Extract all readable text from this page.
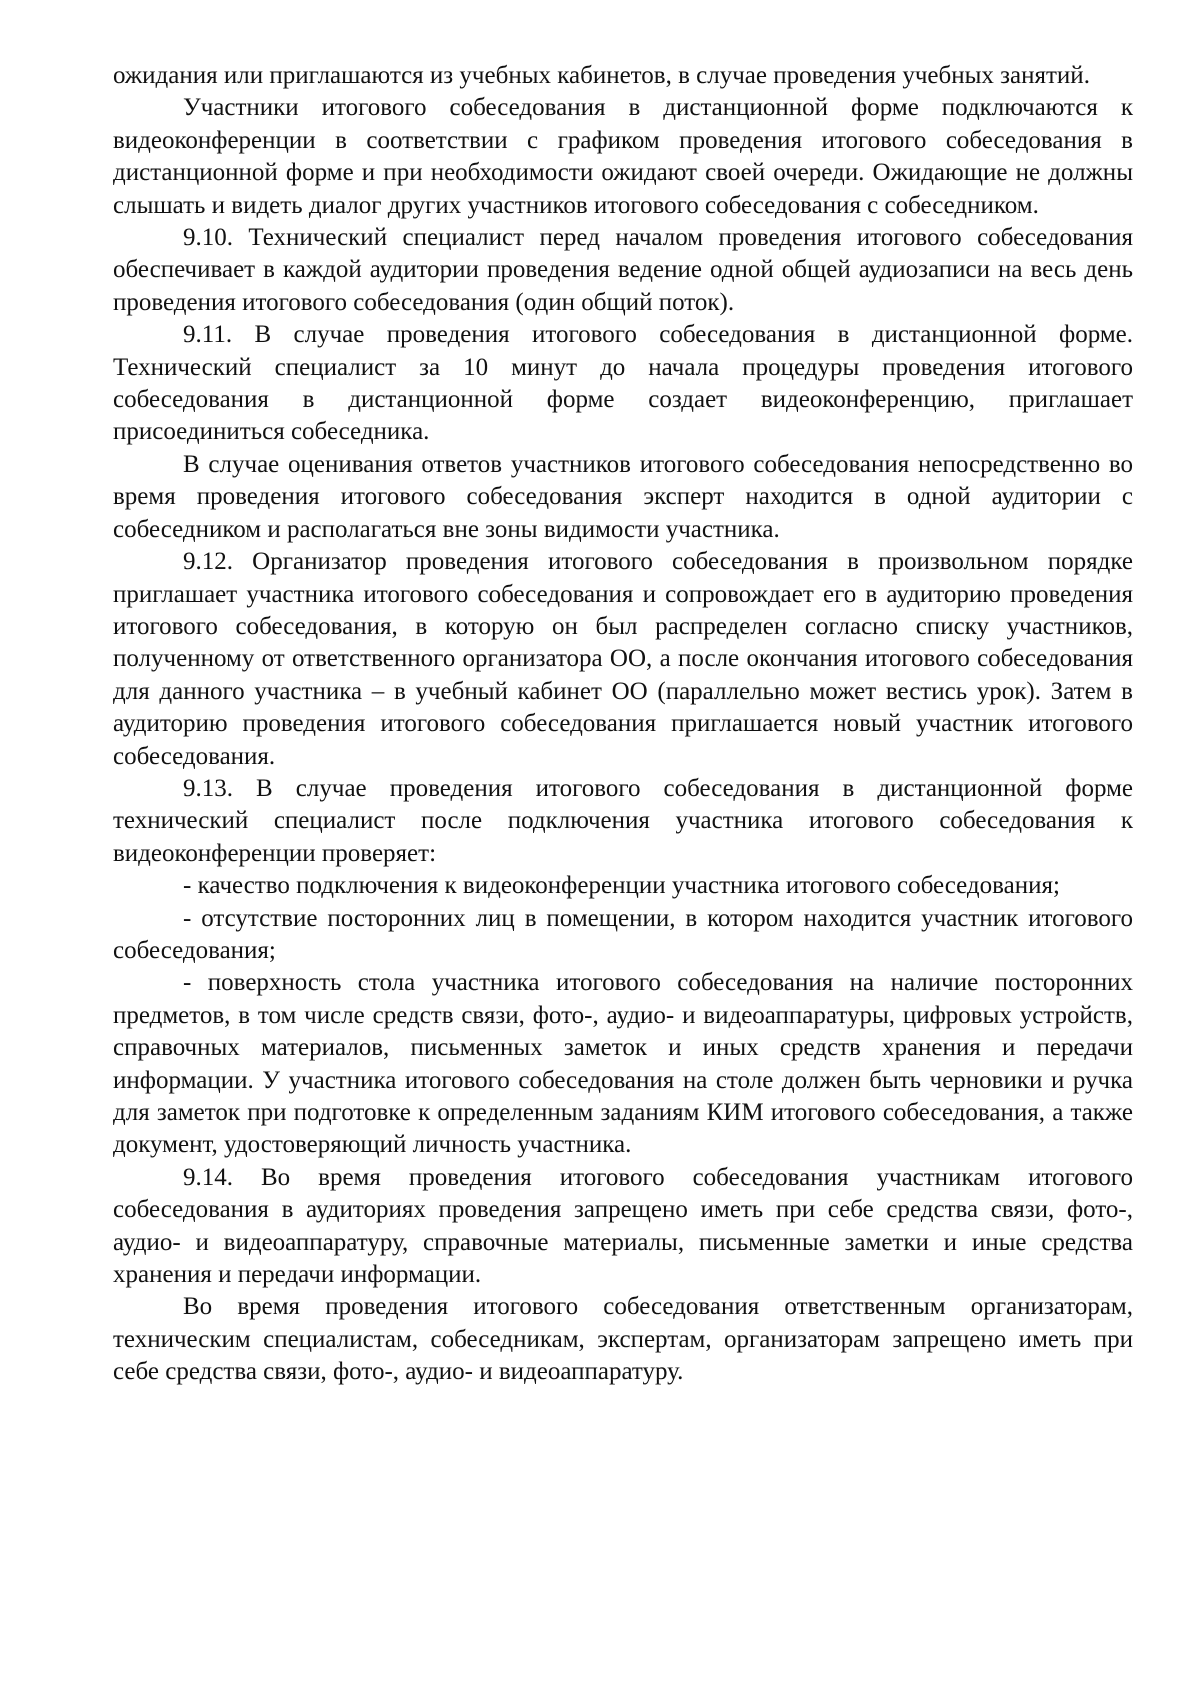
ожидания или приглашаются из учебных кабинетов, в случае проведения учебных занятий.

Участники итогового собеседования в дистанционной форме подключаются к видеоконференции в соответствии с графиком проведения итогового собеседования в дистанционной форме и при необходимости ожидают своей очереди. Ожидающие не должны слышать и видеть диалог других участников итогового собеседования с собеседником.

9.10. Технический специалист перед началом проведения итогового собеседования обеспечивает в каждой аудитории проведения ведение одной общей аудиозаписи на весь день проведения итогового собеседования (один общий поток).

9.11. В случае проведения итогового собеседования в дистанционной форме. Технический специалист за 10 минут до начала процедуры проведения итогового собеседования в дистанционной форме создает видеоконференцию, приглашает присоединиться собеседника.

В случае оценивания ответов участников итогового собеседования непосредственно во время проведения итогового собеседования эксперт находится в одной аудитории с собеседником и располагаться вне зоны видимости участника.

9.12. Организатор проведения итогового собеседования в произвольном порядке приглашает участника итогового собеседования и сопровождает его в аудиторию проведения итогового собеседования, в которую он был распределен согласно списку участников, полученному от ответственного организатора ОО, а после окончания итогового собеседования для данного участника – в учебный кабинет ОО (параллельно может вестись урок). Затем в аудиторию проведения итогового собеседования приглашается новый участник итогового собеседования.

9.13. В случае проведения итогового собеседования в дистанционной форме технический специалист после подключения участника итогового собеседования к видеоконференции проверяет:

- качество подключения к видеоконференции участника итогового собеседования;

- отсутствие посторонних лиц в помещении, в котором находится участник итогового собеседования;

- поверхность стола участника итогового собеседования на наличие посторонних предметов, в том числе средств связи, фото-, аудио- и видеоаппаратуры, цифровых устройств, справочных материалов, письменных заметок и иных средств хранения и передачи информации. У участника итогового собеседования на столе должен быть черновики и ручка для заметок при подготовке к определенным заданиям КИМ итогового собеседования, а также документ, удостоверяющий личность участника.

9.14. Во время проведения итогового собеседования участникам итогового собеседования в аудиториях проведения запрещено иметь при себе средства связи, фото-, аудио- и видеоаппаратуру, справочные материалы, письменные заметки и иные средства хранения и передачи информации.

Во время проведения итогового собеседования ответственным организаторам, техническим специалистам, собеседникам, экспертам, организаторам запрещено иметь при себе средства связи, фото-, аудио- и видеоаппаратуру.
